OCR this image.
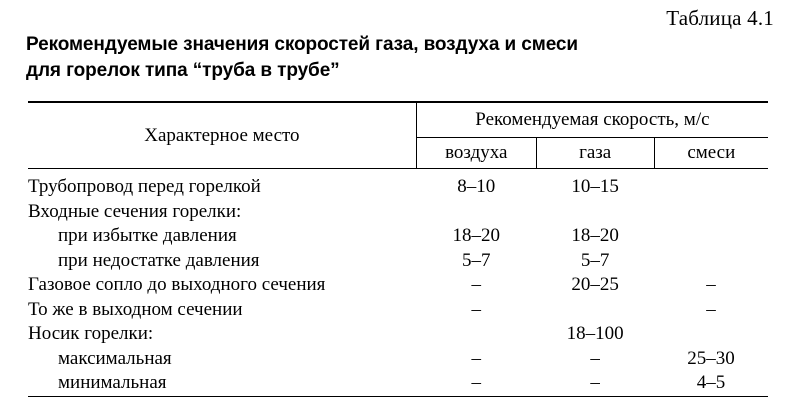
Таблица 4.1
Рекомендуемые значения скоростей газа, воздуха и смеси
для горелок типа “труба в трубе”
Характерное место	Рекомендуемая скорость, м/с		
	воздуха	газа	смеси
Трубопровод перед горелкой	8–10	10–15	
Входные сечения горелки:			
при избытке давления	18–20	18–20	
при недостатке давления	5–7	5–7	
Газовое сопло до выходного сечения	–	20–25	–
То же в выходном сечении	–		–
Носик горелки:		18–100	
максимальная	–	–	25–30
минимальная	–	–	4–5
